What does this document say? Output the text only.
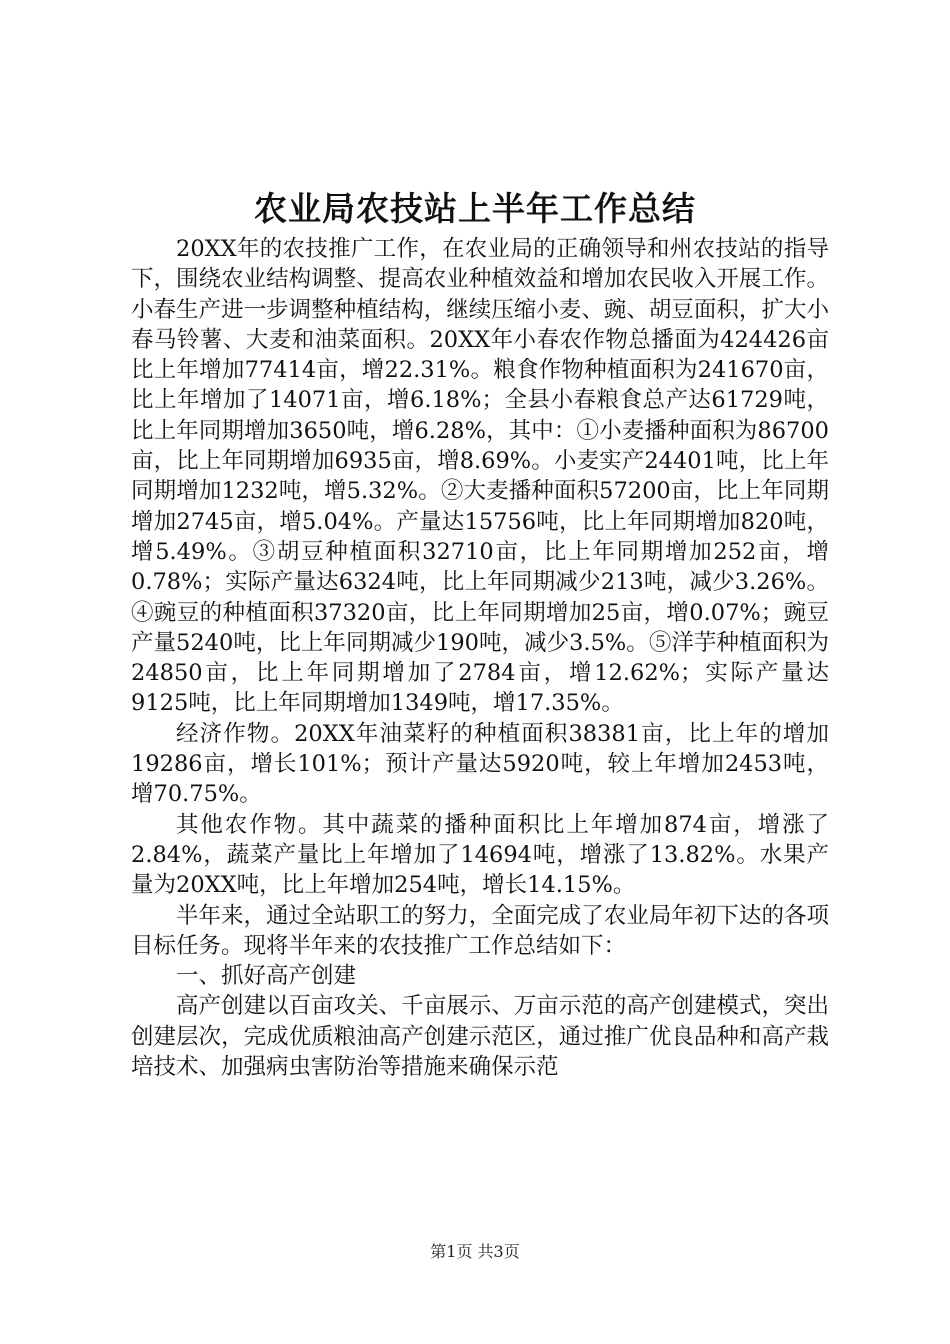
农业局农技站上半年工作总结

20XX年的农技推广工作，在农业局的正确领导和州农技站的指导下，围绕农业结构调整、提高农业种植效益和增加农民收入开展工作。小春生产进一步调整种植结构，继续压缩小麦、豌、胡豆面积，扩大小春马铃薯、大麦和油菜面积。20XX年小春农作物总播面为424426亩比上年增加77414亩，增22.31%。粮食作物种植面积为241670亩，比上年增加了14071亩，增6.18%；全县小春粮食总产达61729吨，比上年同期增加3650吨，增6.28%，其中：①小麦播种面积为86700亩，比上年同期增加6935亩，增8.69%。小麦实产24401吨，比上年同期增加1232吨，增5.32%。②大麦播种面积57200亩，比上年同期增加2745亩，增5.04%。产量达15756吨，比上年同期增加820吨，增5.49%。③胡豆种植面积32710亩，比上年同期增加252亩，增0.78%；实际产量达6324吨，比上年同期减少213吨，减少3.26%。④豌豆的种植面积37320亩，比上年同期增加25亩，增0.07%；豌豆产量5240吨，比上年同期减少190吨，减少3.5%。⑤洋芋种植面积为24850亩，比上年同期增加了2784亩，增12.62%；实际产量达9125吨，比上年同期增加1349吨，增17.35%。

经济作物。20XX年油菜籽的种植面积38381亩，比上年的增加19286亩，增长101%；预计产量达5920吨，较上年增加2453吨，增70.75%。

其他农作物。其中蔬菜的播种面积比上年增加874亩，增涨了2.84%，蔬菜产量比上年增加了14694吨，增涨了13.82%。水果产量为20XX吨，比上年增加254吨，增长14.15%。

半年来，通过全站职工的努力，全面完成了农业局年初下达的各项目标任务。现将半年来的农技推广工作总结如下：

一、抓好高产创建

高产创建以百亩攻关、千亩展示、万亩示范的高产创建模式，突出创建层次，完成优质粮油高产创建示范区，通过推广优良品种和高产栽培技术、加强病虫害防治等措施来确保示范

第1页 共3页
